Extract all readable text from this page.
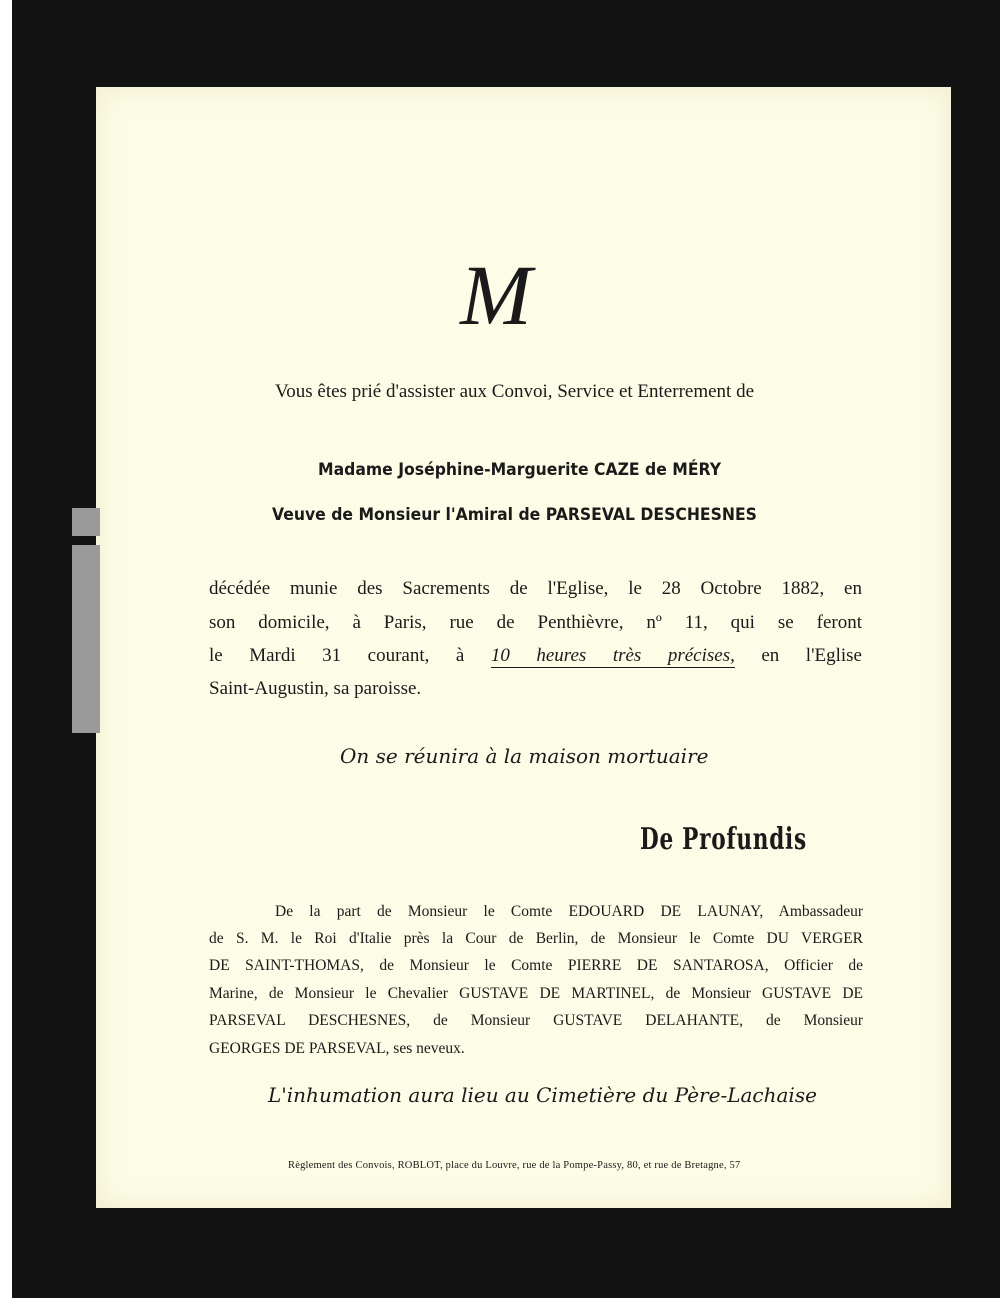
M
Vous êtes prié d'assister aux Convoi, Service et Enterrement de
Madame Joséphine-Marguerite CAZE de MÉRY
Veuve de Monsieur l'Amiral de PARSEVAL DESCHESNES
décédée munie des Sacrements de l'Eglise, le 28 Octobre 1882, en
son domicile, à Paris, rue de Penthièvre, nº 11, qui se feront
le Mardi 31 courant, à 10 heures très précises, en l'Eglise
Saint-Augustin, sa paroisse.
On se réunira à la maison mortuaire
De Profundis
De la part de Monsieur le Comte EDOUARD DE LAUNAY, Ambassadeur
de S. M. le Roi d'Italie près la Cour de Berlin, de Monsieur le Comte DU VERGER
DE SAINT-THOMAS, de Monsieur le Comte PIERRE DE SANTAROSA, Officier de
Marine, de Monsieur le Chevalier GUSTAVE DE MARTINEL, de Monsieur GUSTAVE DE
PARSEVAL DESCHESNES, de Monsieur GUSTAVE DELAHANTE, de Monsieur
GEORGES DE PARSEVAL, ses neveux.
L'inhumation aura lieu au Cimetière du Père-Lachaise
Règlement des Convois, ROBLOT, place du Louvre, rue de la Pompe-Passy, 80, et rue de Bretagne, 57
